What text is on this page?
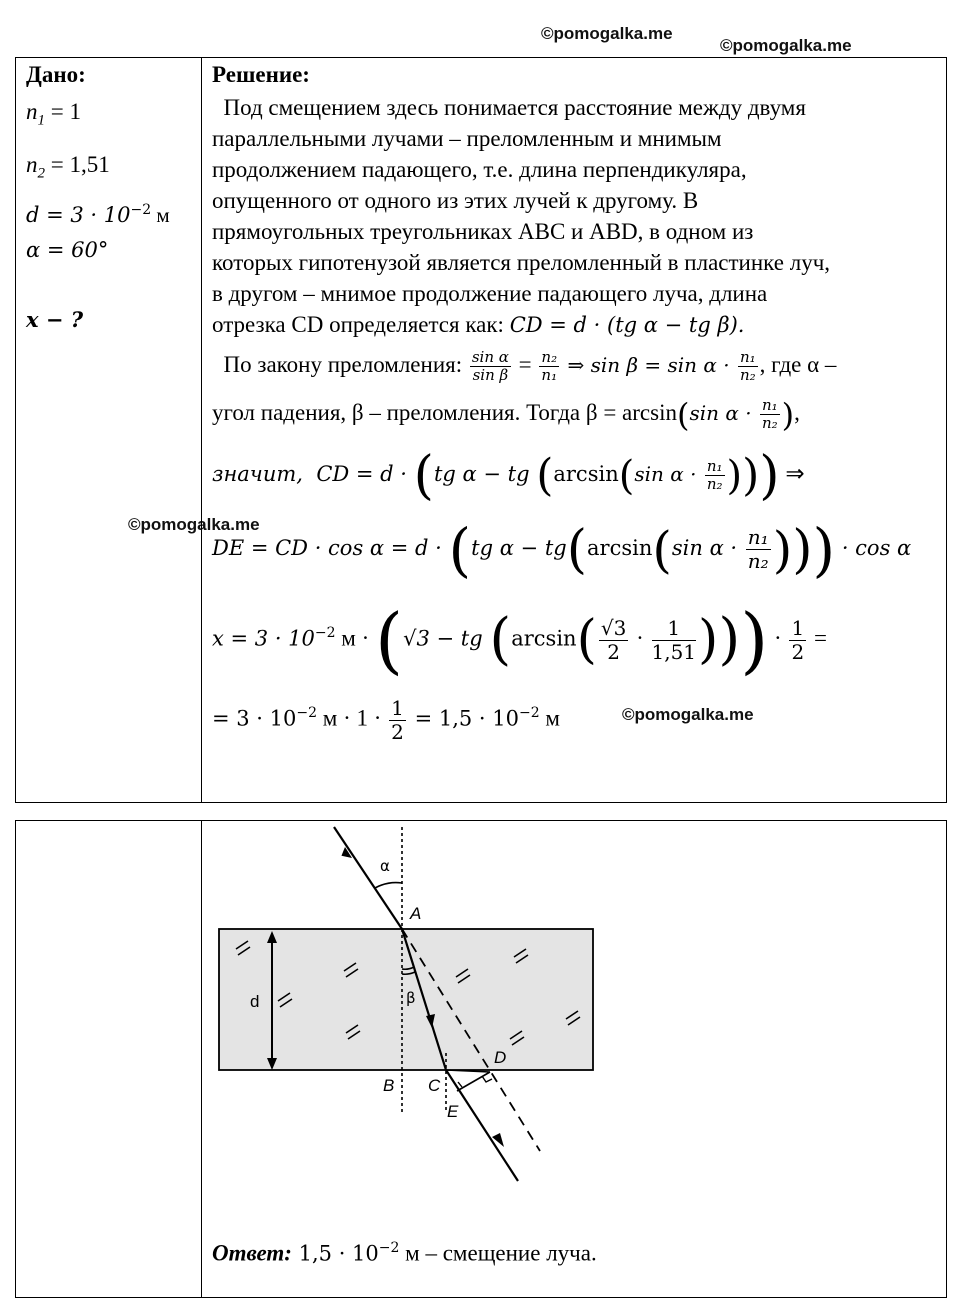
©pomogalka.me
©pomogalka.me
©pomogalka.me
©pomogalka.me
Дано:
$n_1 = 1$
$n_2 = 1,51$
$d = 3 \cdot 10^{-2}$ м
α = 60°
x − ?
Решение:
Под смещением здесь понимается расстояние между двумя
параллельными лучами – преломленным и мнимым
продолжением падающего, т.е. длина перпендикуляра,
опущенного от одного из этих лучей к другому. В
прямоугольных треугольниках ABC и ABD, в одном из
которых гипотенузой является преломленный в пластинке луч,
в другом – мнимое продолжение падающего луча, длина
отрезка CD определяется как: CD = d · (tg α − tg β).
По закону преломления: $\frac{\text{sin α}}{\text{sin β}} = \frac{\text{n₂}}{\text{n₁}}$ ⇒ $\sin \beta = \sin \alpha \cdot \frac{\text{n₁}}{\text{n₂}}$ , где α –
угол падения, β – преломления. Тогда β = arcsin(sin $\alpha \cdot \frac{\text{n₁}}{\text{n₂}}$ ),
значит,  CD = d · (tg α − tg (arcsin(sin $\alpha \cdot \frac{\text{n₁}}{\text{n₂}}$ ))) ⇒
DE = CD · cos α = d · (tg α − tg(arcsin(sin $\alpha \cdot \frac{\text{n₁}}{\text{n₂}}$ ))) · cos α
$x = 3 \cdot 10^{-2}$ м · (√3 − tg ($\arcsin( \frac{√3}{2} \cdot \frac{1}{1,51}$ ))) · $\frac{1}{2}$ =
= $3 \cdot 10^{-2}$ $м \cdot 1 \cdot \frac{1}{2} = 1,5 \cdot 10^{-2}$ м
d
α
β
A
B C
D
E
Ответ: $1,5 \cdot 10^{-2}$ м – смещение луча.
